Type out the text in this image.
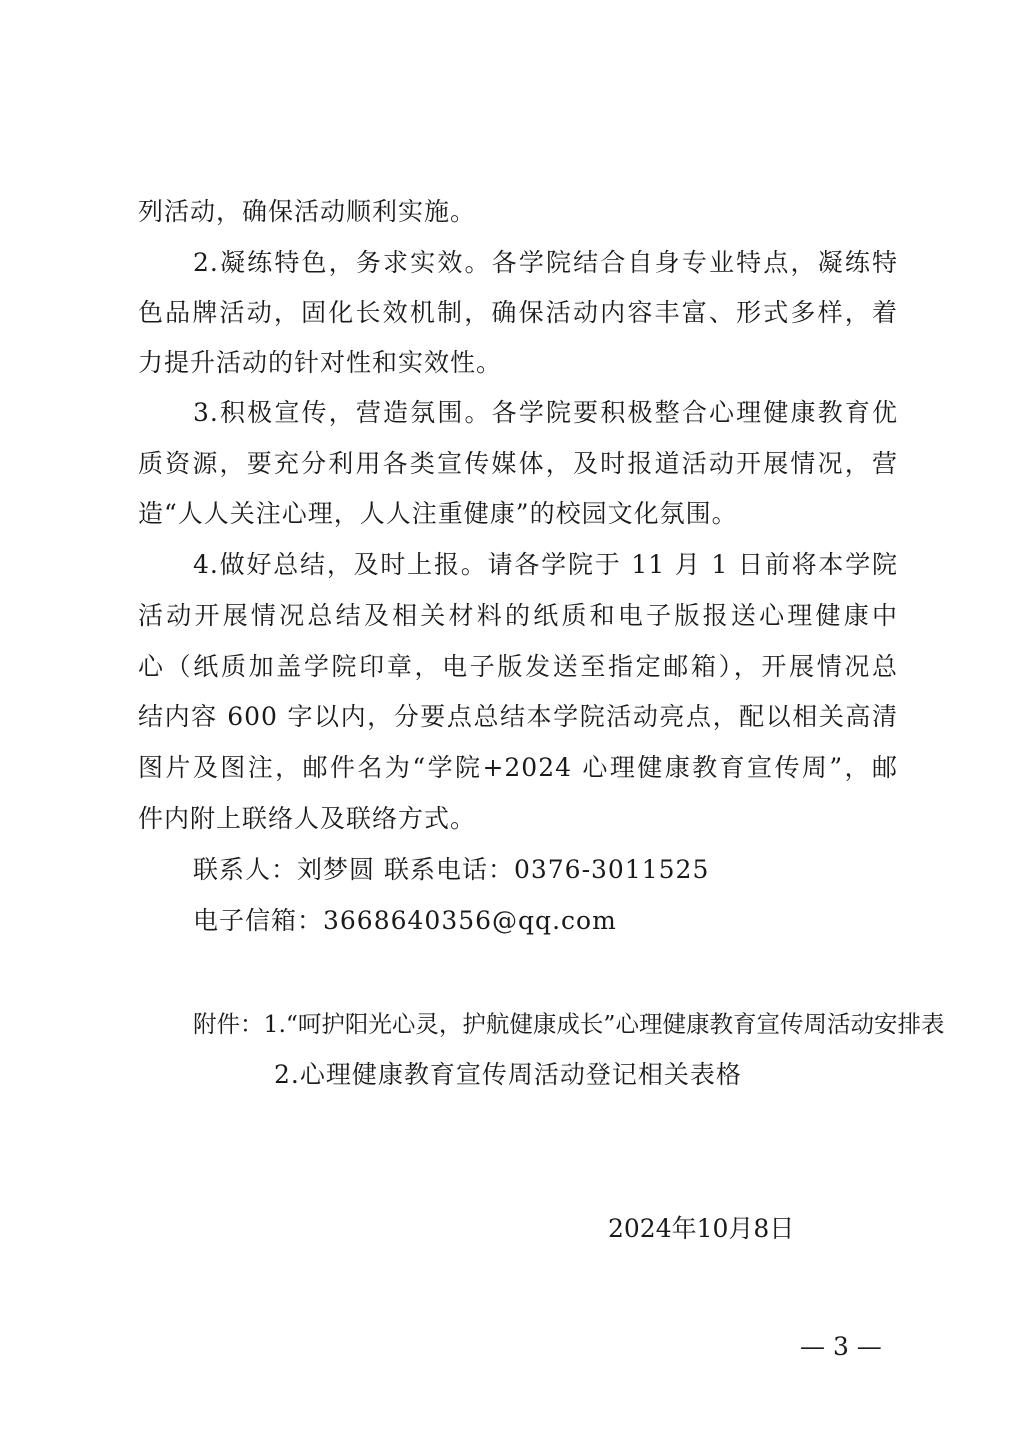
列活动，确保活动顺利实施。
2.凝练特色，务求实效。各学院结合自身专业特点，凝练特
色品牌活动，固化长效机制，确保活动内容丰富、形式多样，着
力提升活动的针对性和实效性。
3.积极宣传，营造氛围。各学院要积极整合心理健康教育优
质资源，要充分利用各类宣传媒体，及时报道活动开展情况，营
造“人人关注心理，人人注重健康”的校园文化氛围。
4.做好总结，及时上报。请各学院于 11 月 1 日前将本学院
活动开展情况总结及相关材料的纸质和电子版报送心理健康中
心（纸质加盖学院印章，电子版发送至指定邮箱），开展情况总
结内容 600 字以内，分要点总结本学院活动亮点，配以相关高清
图片及图注，邮件名为“学院+2024 心理健康教育宣传周”，邮
件内附上联络人及联络方式。
联系人：刘梦圆 联系电话：0376-3011525
电子信箱：3668640356@qq.com
附件：1.“呵护阳光心灵，护航健康成长”心理健康教育宣传周活动安排表
2.心理健康教育宣传周活动登记相关表格
2024年10月8日
— 3 —
